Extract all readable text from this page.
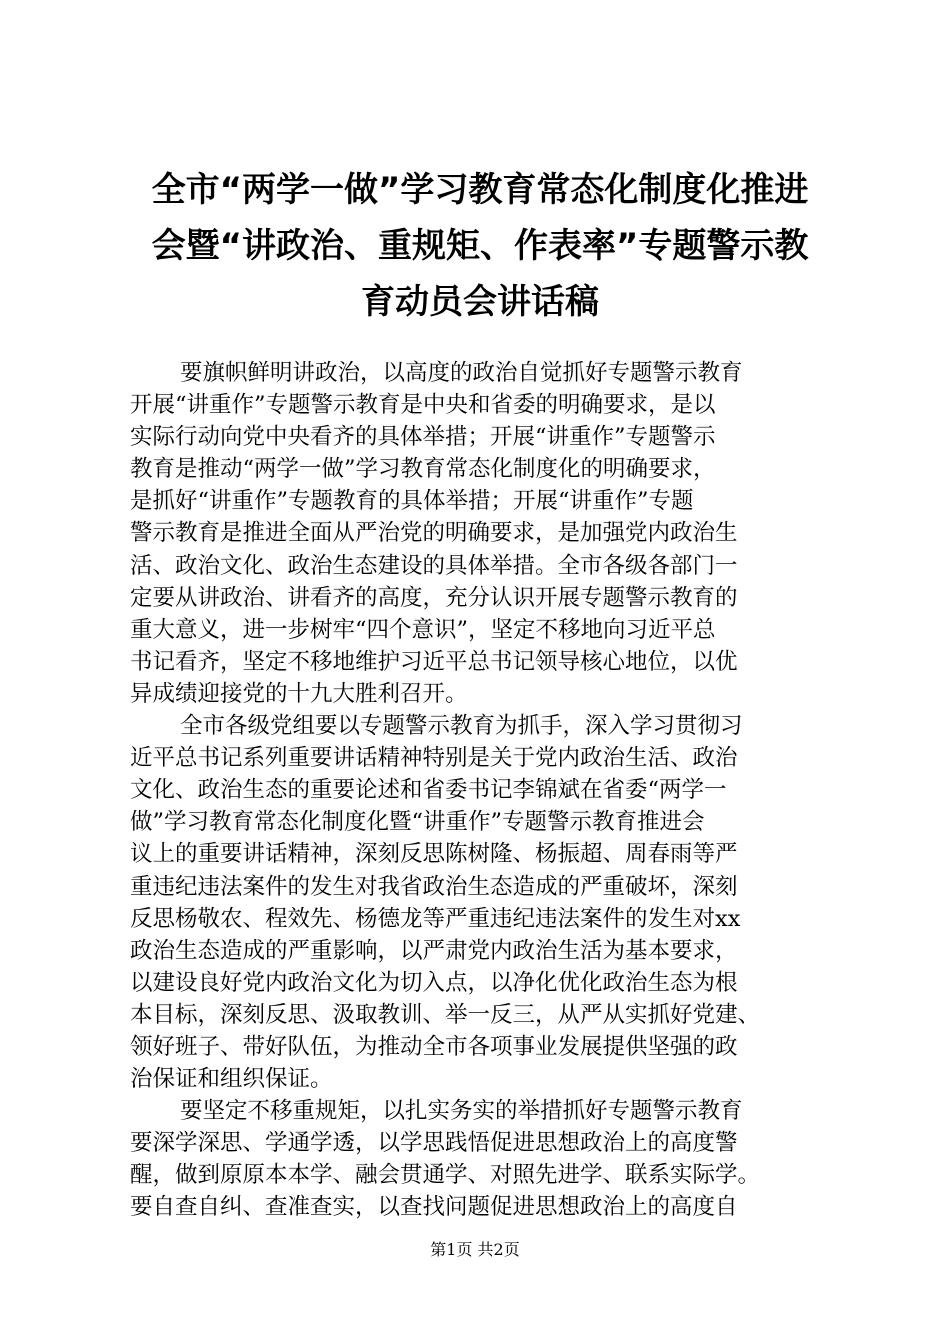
全市“两学一做”学习教育常态化制度化推进
会暨“讲政治、重规矩、作表率”专题警示教
育动员会讲话稿
要旗帜鲜明讲政治，以高度的政治自觉抓好专题警示教育
开展“讲重作”专题警示教育是中央和省委的明确要求，是以
实际行动向党中央看齐的具体举措；开展“讲重作”专题警示
教育是推动“两学一做”学习教育常态化制度化的明确要求，
是抓好“讲重作”专题教育的具体举措；开展“讲重作”专题
警示教育是推进全面从严治党的明确要求，是加强党内政治生
活、政治文化、政治生态建设的具体举措。全市各级各部门一
定要从讲政治、讲看齐的高度，充分认识开展专题警示教育的
重大意义，进一步树牢“四个意识”，坚定不移地向习近平总
书记看齐，坚定不移地维护习近平总书记领导核心地位，以优
异成绩迎接党的十九大胜利召开。
全市各级党组要以专题警示教育为抓手，深入学习贯彻习
近平总书记系列重要讲话精神特别是关于党内政治生活、政治
文化、政治生态的重要论述和省委书记李锦斌在省委“两学一
做”学习教育常态化制度化暨“讲重作”专题警示教育推进会
议上的重要讲话精神，深刻反思陈树隆、杨振超、周春雨等严
重违纪违法案件的发生对我省政治生态造成的严重破坏，深刻
反思杨敬农、程效先、杨德龙等严重违纪违法案件的发生对xx
政治生态造成的严重影响，以严肃党内政治生活为基本要求，
以建设良好党内政治文化为切入点，以净化优化政治生态为根
本目标，深刻反思、汲取教训、举一反三，从严从实抓好党建、
领好班子、带好队伍，为推动全市各项事业发展提供坚强的政
治保证和组织保证。
要坚定不移重规矩，以扎实务实的举措抓好专题警示教育
要深学深思、学通学透，以学思践悟促进思想政治上的高度警
醒，做到原原本本学、融会贯通学、对照先进学、联系实际学。
要自查自纠、查准查实，以查找问题促进思想政治上的高度自
第1页 共2页
